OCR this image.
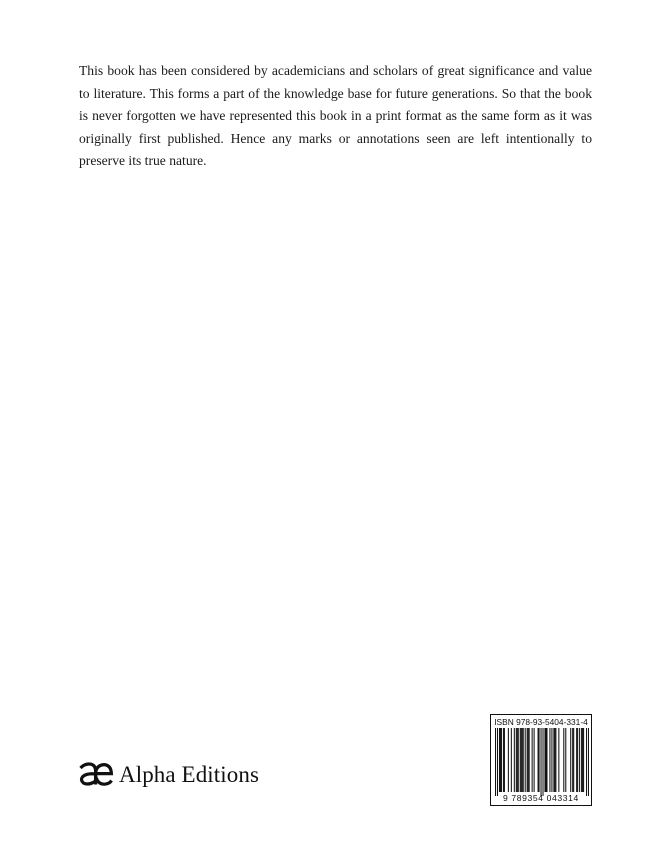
This book has been considered by academicians and scholars of great significance and value to literature. This forms a part of the knowledge base for future generations. So that the book is never forgotten we have represented this book in a print format as the same form as it was originally first published. Hence any marks or annotations seen are left intentionally to preserve its true nature.

Alpha Editions
ISBN 978-93-5404-331-4
9 789354 043314
